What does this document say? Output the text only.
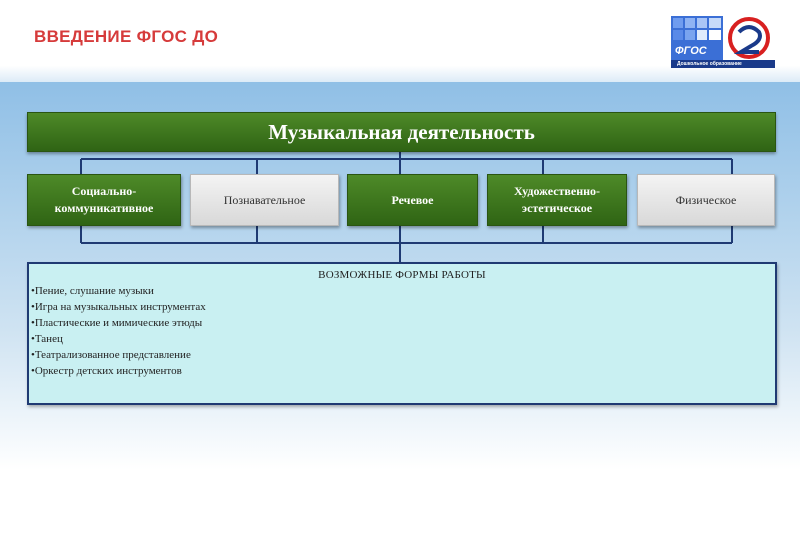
ВВЕДЕНИЕ ФГОС ДО
ФГОС
Дошкольное образование
Музыкальная деятельность
Социально-
коммуникативное
Познавательное	Речевое
Художественно-
эстетическое
Физическое
ВОЗМОЖНЫЕ ФОРМЫ РАБОТЫ
• Пение, слушание музыки
• Игра на музыкальных инструментах
• Пластические и мимические этюды
• Танец
• Театрализованное представление
• Оркестр детских инструментов
